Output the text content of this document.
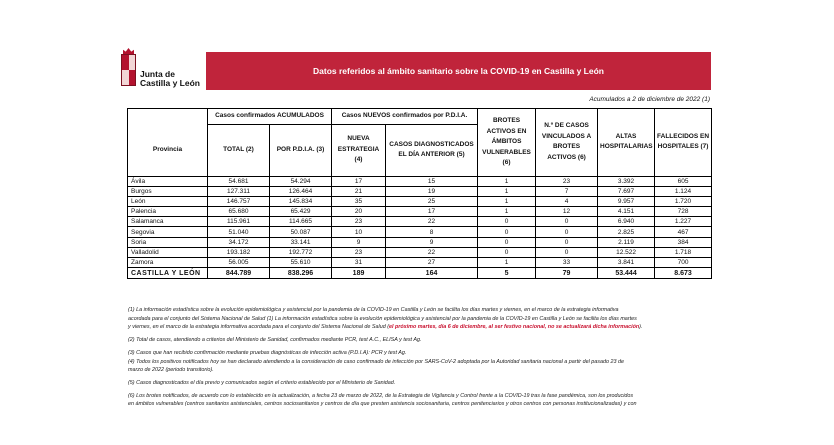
Junta de
Castilla y León
Datos referidos al ámbito sanitario sobre la COVID-19 en Castilla y León
Acumulados a 2 de diciembre de 2022 (1)
	Casos confirmados ACUMULADOS		Casos NUEVOS confirmados por P.D.I.A.		BROTES ACTIVOS EN ÁMBITOS VULNERABLES (6)	N.º DE CASOS VINCULADOS A BROTES ACTIVOS (6)	ALTAS HOSPITALARIAS	FALLECIDOS EN HOSPITALES (7)
Provincia	TOTAL (2)	POR P.D.I.A. (3)	NUEVA ESTRATEGIA (4)	CASOS DIAGNOSTICADOS EL DÍA ANTERIOR (5)				
Ávila	54.681	54.294	17	15	1	23	3.392	605
Burgos	127.311	126.464	21	19	1	7	7.697	1.124
León	146.757	145.834	35	25	1	4	9.957	1.720
Palencia	65.680	65.429	20	17	1	12	4.151	728
Salamanca	115.961	114.665	23	22	0	0	6.940	1.227
Segovia	51.040	50.087	10	8	0	0	2.825	467
Soria	34.172	33.141	9	9	0	0	2.119	384
Valladolid	193.182	192.772	23	22	0	0	12.522	1.718
Zamora	56.005	55.610	31	27	1	33	3.841	700
CASTILLA Y LEÓN	844.789	838.296	189	164	5	79	53.444	8.673

(1) La información estadística sobre la evolución epidemiológica y asistencial por la pandemia de la COVID-19 en Castilla y León se facilita los días martes y viernes, en el marco de la estrategia informativa

acordada para el conjunto del Sistema Nacional de Salud (1) La información estadística sobre la evolución epidemiológica y asistencial por la pandemia de la COVID-19 en Castilla y León se facilita los días martes

y viernes, en el marco de la estrategia informativa acordada para el conjunto del Sistema Nacional de Salud (el próximo martes, día 6 de diciembre, al ser festivo nacional, no se actualizará dicha información).

(2) Total de casos, atendiendo a criterios del Ministerio de Sanidad, confirmados mediante PCR, test A.C., ELISA y test Ag.

(3) Casos que han recibido confirmación mediante pruebas diagnósticas de infección activa (P.D.I.A): PCR y test Ag.

(4) Todos los positivos notificados hoy se han declarado atendiendo a la consideración de caso confirmado de infección por SARS-CoV-2 adoptada por la Autoridad sanitaria nacional a partir del pasado 23 de

marzo de 2022 (periodo transitorio).

(5) Casos diagnosticados el día previo y comunicados según el criterio establecido por el Ministerio de Sanidad.

(6) Los brotes notificados, de acuerdo con lo establecido en la actualización, a fecha 23 de marzo de 2022, de la Estrategia de Vigilancia y Control frente a la COVID-19 tras la fase pandémica, son los producidos

en ámbitos vulnerables (centros sanitarios asistenciales, centros sociosanitarios y centros de día que presten asistencia sociosanitaria, centros penitenciarios y otros centros con personas institucionalizadas) y con
